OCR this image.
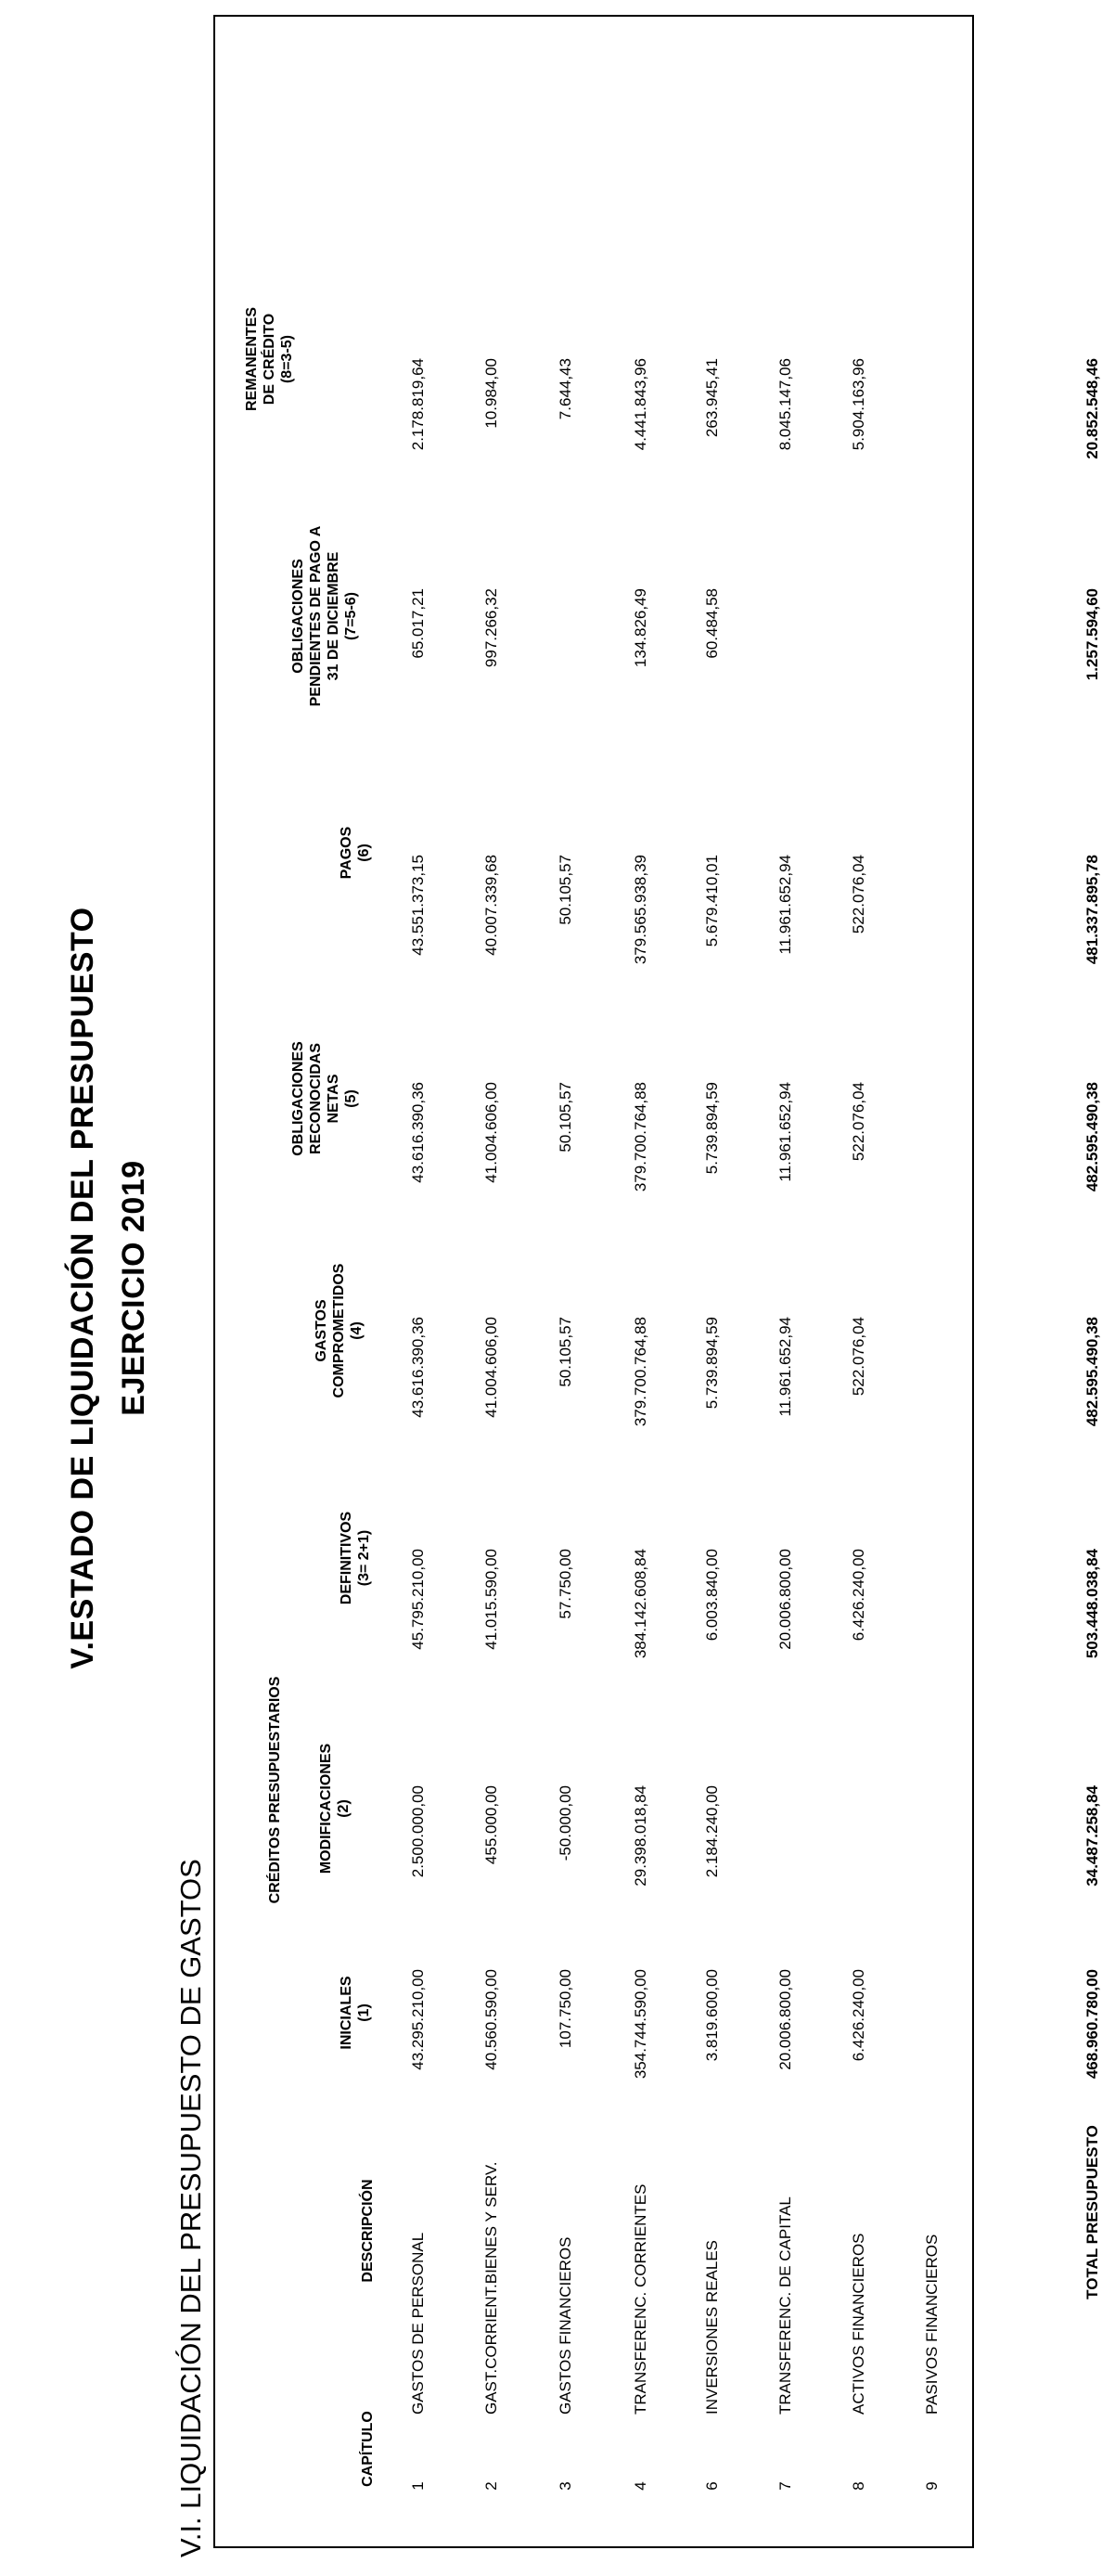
V.ESTADO DE LIQUIDACIÓN DEL PRESUPUESTO EJERCICIO 2019
V.I. LIQUIDACIÓN DEL PRESUPUESTO DE GASTOS	CAPÍTULO
DESCRIPCIÓN
CRÉDITOS PRESUPUESTARIOS
INICIALES (1)
MODIFICACIONES (2)
DEFINITIVOS (3= 2+1)
GASTOS COMPROMETIDOS (4)
OBLIGACIONES RECONOCIDAS NETAS (5)
PAGOS (6)
OBLIGACIONES PENDIENTES DE PAGO A 31 DE DICIEMBRE (7=5-6)
REMANENTES DE CRÉDITO (8=3-5)
1
GASTOS DE PERSONAL
43.295.210,00
2.500.000,00
45.795.210,00
43.616.390,36
43.616.390,36
43.551.373,15
65.017,21
2.178.819,64
2
GAST.CORRIENT.BIENES Y SERV.
40.560.590,00
455.000,00
41.015.590,00
41.004.606,00
41.004.606,00
40.007.339,68
997.266,32
10.984,00
3
GASTOS FINANCIEROS
107.750,00
-50.000,00
57.750,00
50.105,57
50.105,57
50.105,57
7.644,43
4
TRANSFERENC. CORRIENTES
354.744.590,00
29.398.018,84
384.142.608,84
379.700.764,88
379.700.764,88
379.565.938,39
134.826,49
4.441.843,96
6
INVERSIONES REALES
3.819.600,00
2.184.240,00
6.003.840,00
5.739.894,59
5.739.894,59
5.679.410,01
60.484,58
263.945,41
7
TRANSFERENC. DE CAPITAL
20.006.800,00
20.006.800,00
11.961.652,94
11.961.652,94
11.961.652,94
8.045.147,06
8
ACTIVOS FINANCIEROS
6.426.240,00
6.426.240,00
522.076,04
522.076,04
522.076,04
5.904.163,96
9
PASIVOS FINANCIEROS
TOTAL PRESUPUESTO
468.960.780,00
34.487.258,84
503.448.038,84
482.595.490,38
482.595.490,38
481.337.895,78
1.257.594,60
20.852.548,46
